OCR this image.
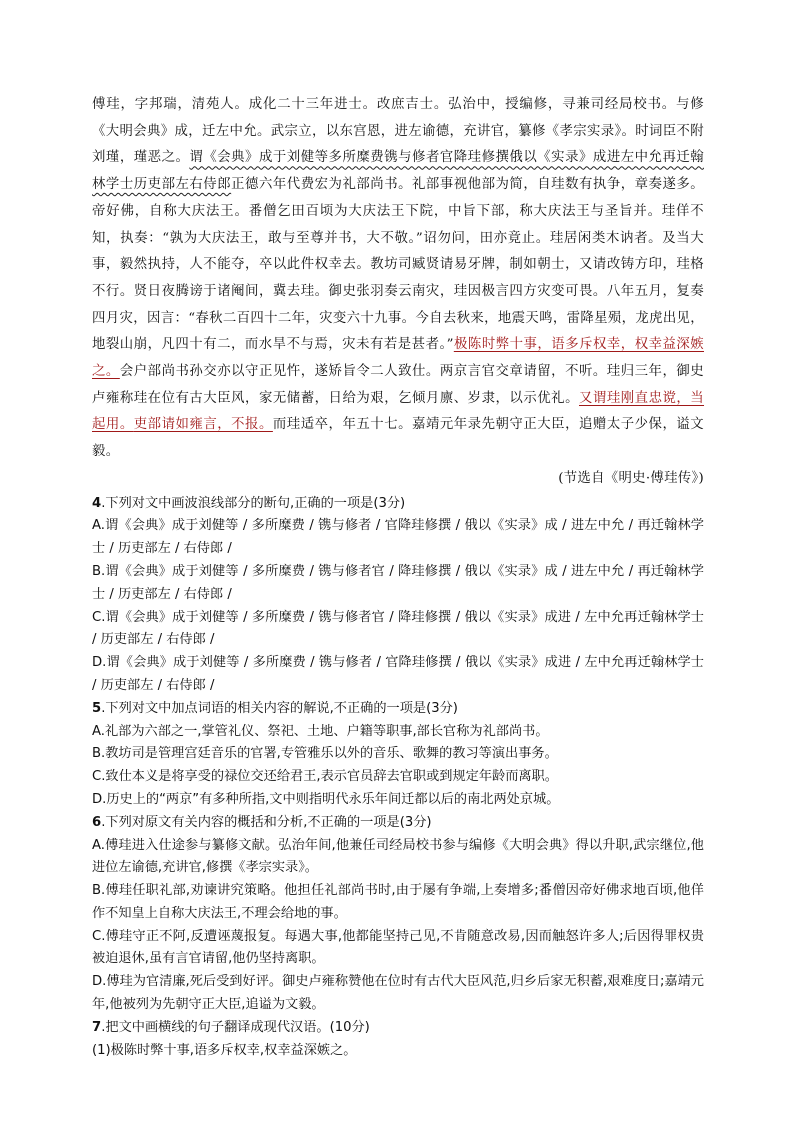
傅珪，字邦瑞，清苑人。成化二十三年进士。改庶吉士。弘治中，授编修，寻兼司经局校书。与修《大明会典》成，迁左中允。武宗立，以东宫恩，进左谕德，充讲官，纂修《孝宗实录》。时词臣不附刘瑾，瑾恶之。谓《会典》成于刘健等多所糜费镌与修者官降珪修撰俄以《实录》成进左中允再迁翰林学士历吏部左右侍郎正德六年代费宏为礼部尚书。礼部事视他部为简，自珪数有执争，章奏遂多。帝好佛，自称大庆法王。番僧乞田百顷为大庆法王下院，中旨下部，称大庆法王与圣旨并。珪佯不知，执奏：“孰为大庆法王，敢与至尊并书，大不敬。”诏勿问，田亦竟止。珪居闲类木讷者。及当大事，毅然执持，人不能夺，卒以此件权幸去。教坊司臧贤请易牙牌，制如朝士，又请改铸方印，珪格不行。贤日夜腾谤于诸阉间，冀去珪。御史张羽奏云南灾，珪因极言四方灾变可畏。八年五月，复奏四月灾，因言：“春秋二百四十二年，灾变六十九事。今自去秋来，地震天鸣，雷降星殒，龙虎出见，地裂山崩，凡四十有二，而水旱不与焉，灾未有若是甚者。”极陈时弊十事，语多斥权幸，权幸益深嫉之。会户部尚书孙交亦以守正见忤，遂矫旨令二人致仕。两京言官交章请留，不听。珪归三年，御史卢雍称珪在位有古大臣风，家无储蓄，日给为艰，乞倾月廪、岁隶，以示优礼。又谓珪刚直忠谠，当起用。吏部请如雍言，不报。而珪适卒，年五十七。嘉靖元年录先朝守正大臣，追赠太子少保，谥文毅。
(节选自《明史·傅珪传》)

4.下列对文中画波浪线部分的断句,正确的一项是(3分)

A.谓《会典》成于刘健等 / 多所糜费 / 镌与修者 / 官降珪修撰 / 俄以《实录》成 / 进左中允 / 再迁翰林学士 / 历吏部左 / 右侍郎 /

B.谓《会典》成于刘健等 / 多所糜费 / 镌与修者官 / 降珪修撰 / 俄以《实录》成 / 进左中允 / 再迁翰林学士 / 历吏部左 / 右侍郎 /

C.谓《会典》成于刘健等 / 多所糜费 / 镌与修者官 / 降珪修撰 / 俄以《实录》成进 / 左中允再迁翰林学士 / 历吏部左 / 右侍郎 /

D.谓《会典》成于刘健等 / 多所糜费 / 镌与修者 / 官降珪修撰 / 俄以《实录》成进 / 左中允再迁翰林学士 / 历吏部左 / 右侍郎 /

5.下列对文中加点词语的相关内容的解说,不正确的一项是(3分)

A.礼部为六部之一,掌管礼仪、祭祀、土地、户籍等职事,部长官称为礼部尚书。

B.教坊司是管理宫廷音乐的官署,专管雅乐以外的音乐、歌舞的教习等演出事务。

C.致仕本义是将享受的禄位交还给君王,表示官员辞去官职或到规定年龄而离职。

D.历史上的“两京”有多种所指,文中则指明代永乐年间迁都以后的南北两处京城。

6.下列对原文有关内容的概括和分析,不正确的一项是(3分)

A.傅珪进入仕途参与纂修文献。弘治年间,他兼任司经局校书参与编修《大明会典》得以升职,武宗继位,他进位左谕德,充讲官,修撰《孝宗实录》。

B.傅珪任职礼部,劝谏讲究策略。他担任礼部尚书时,由于屡有争端,上奏增多;番僧因帝好佛求地百顷,他佯作不知皇上自称大庆法王,不理会给地的事。

C.傅珪守正不阿,反遭诬蔑报复。每遇大事,他都能坚持己见,不肯随意改易,因而触怒许多人;后因得罪权贵被迫退休,虽有言官请留,他仍坚持离职。

D.傅珪为官清廉,死后受到好评。御史卢雍称赞他在位时有古代大臣风范,归乡后家无积蓄,艰难度日;嘉靖元年,他被列为先朝守正大臣,追谥为文毅。

7.把文中画横线的句子翻译成现代汉语。(10分)

(1)极陈时弊十事,语多斥权幸,权幸益深嫉之。
